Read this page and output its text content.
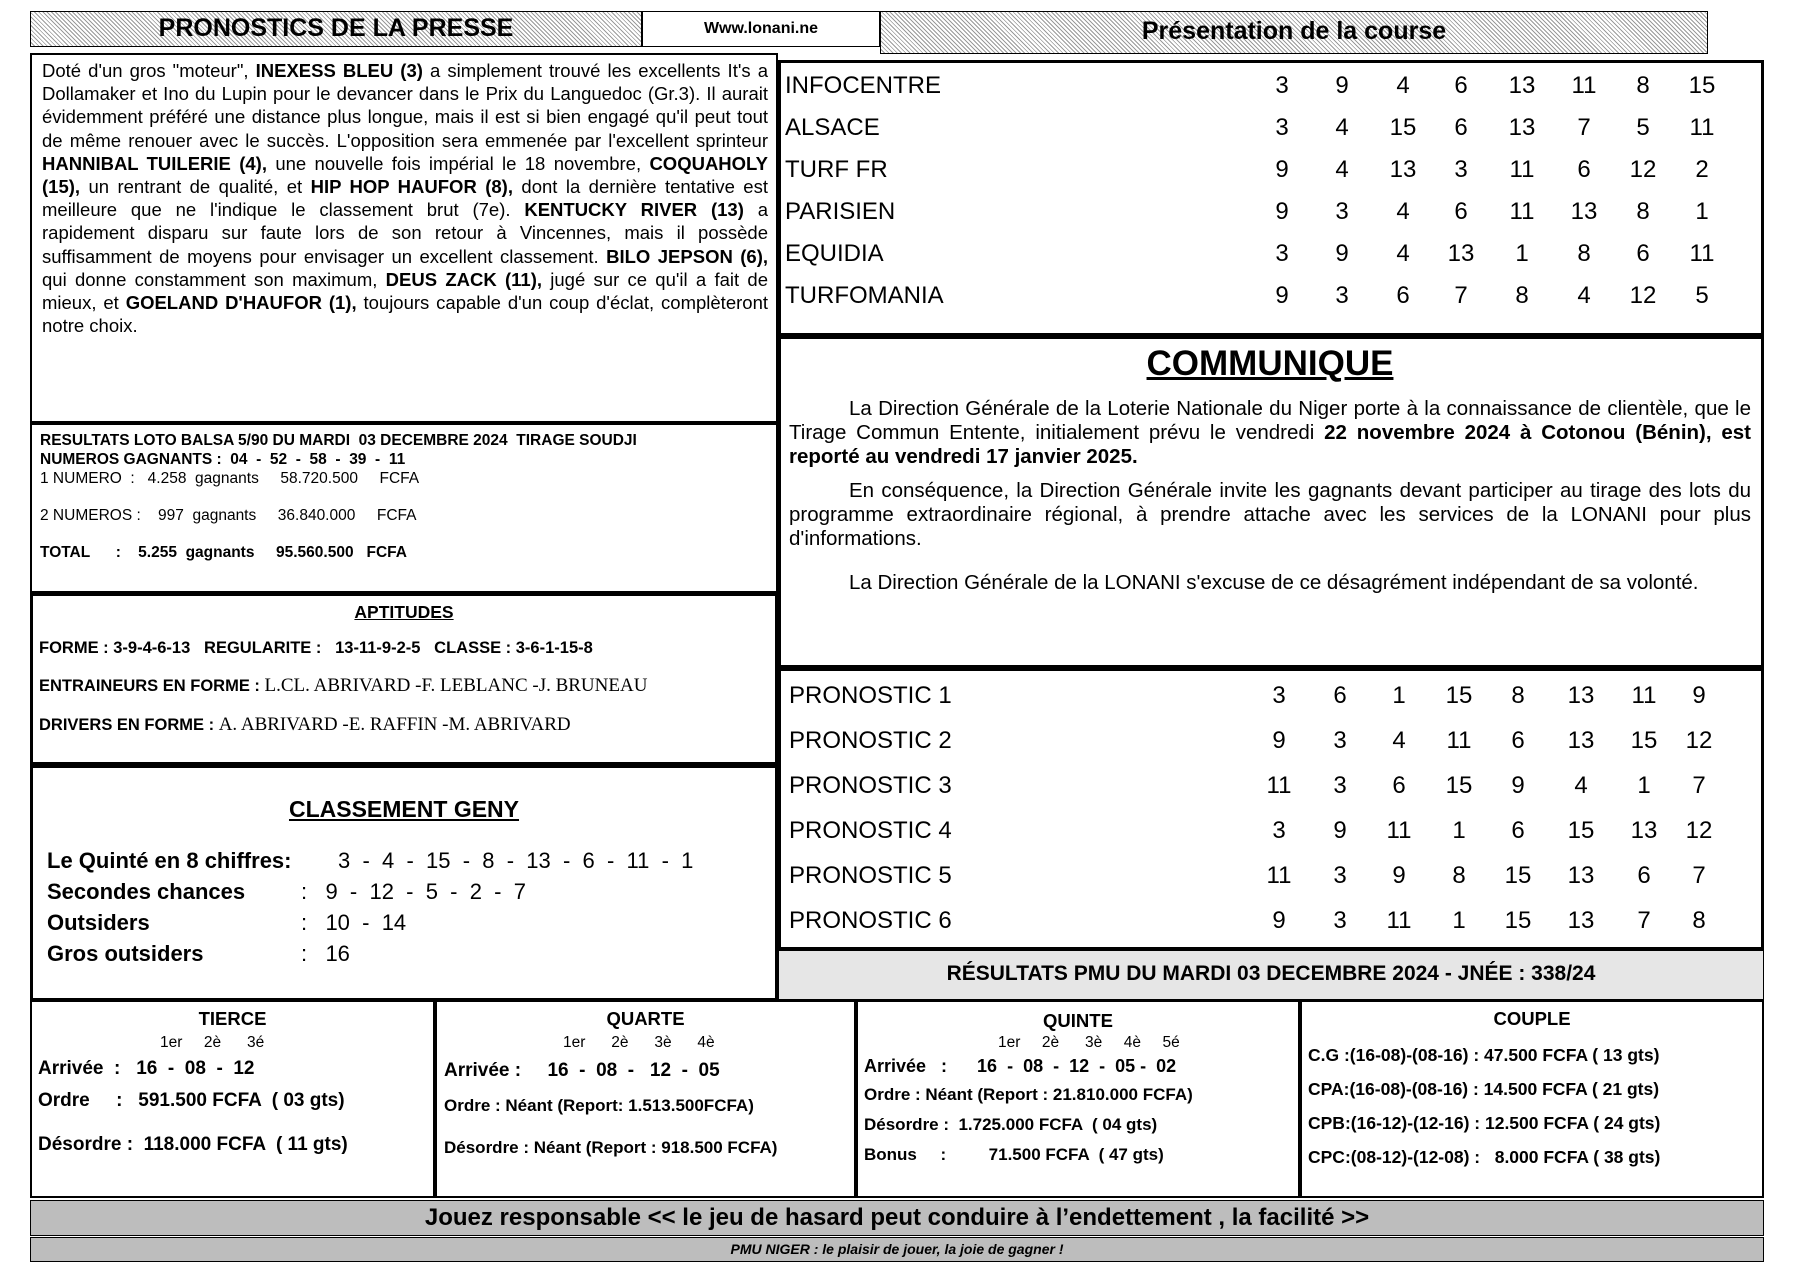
PRONOSTICS DE LA PRESSE	Www.lonani.ne	Présentation de la course
Doté d'un gros "moteur", INEXESS BLEU (3) a simplement trouvé les excellents It's a Dollamaker et Ino du Lupin pour le devancer dans le Prix du Languedoc (Gr.3). Il aurait évidemment préféré une distance plus longue, mais il est si bien engagé qu'il peut tout de même renouer avec le succès. L'opposition sera emmenée par l'excellent sprinteur HANNIBAL TUILERIE (4), une nouvelle fois impérial le 18 novembre, COQUAHOLY (15), un rentrant de qualité, et HIP HOP HAUFOR (8), dont la dernière tentative est meilleure que ne l'indique le classement brut (7e). KENTUCKY RIVER (13) a rapidement disparu sur faute lors de son retour à Vincennes, mais il possède suffisamment de moyens pour envisager un excellent classement. BILO JEPSON (6), qui donne constamment son maximum, DEUS ZACK (11), jugé sur ce qu'il a fait de mieux, et GOELAND D'HAUFOR (1), toujours capable d'un coup d'éclat, complèteront notre choix.
INFOCENTRE	3	9	4	6	13	11	8	15
ALSACE	3	4	15	6	13	7	5	11
TURF FR	9	4	13	3	11	6	12	2
PARISIEN	9	3	4	6	11	13	8	1
EQUIDIA	3	9	4	13	1	8	6	11
TURFOMANIA	9	3	6	7	8	4	12	5
RESULTATS LOTO BALSA 5/90 DU MARDI  03 DECEMBRE 2024  TIRAGE SOUDJI
NUMEROS GAGNANTS :  04  -  52  -  58  -  39  -  11
1 NUMERO  :   4.258  gagnants     58.720.500     FCFA
2 NUMEROS :    997  gagnants     36.840.000     FCFA
TOTAL      :    5.255  gagnants     95.560.500   FCFA
APTITUDES
FORME : 3-9-4-6-13   REGULARITE :   13-11-9-2-5   CLASSE : 3-6-1-15-8
ENTRAINEURS EN FORME : L.CL. ABRIVARD -F. LEBLANC -J. BRUNEAU
DRIVERS EN FORME : A. ABRIVARD -E. RAFFIN -M. ABRIVARD
CLASSEMENT GENY
Le Quinté en 8 chiffres: 3  -  4  -  15  -  8  -  13  -  6  -  11  -  1
Secondes chances	:   9  -  12  -  5  -  2  -  7
Outsiders	:   10  -  14
Gros outsiders	:   16
COMMUNIQUE

La Direction Générale de la Loterie Nationale du Niger porte à la connaissance de clientèle, que le Tirage Commun Entente, initialement prévu le vendredi 22 novembre 2024 à Cotonou (Bénin), est reporté au vendredi 17 janvier 2025.

En conséquence, la Direction Générale invite les gagnants devant participer au tirage des lots du programme extraordinaire régional, à prendre attache avec les services de la LONANI pour plus d'informations.

La Direction Générale de la LONANI s'excuse de ce désagrément indépendant de sa volonté.

PRONOSTIC 1	3	6	1	15	8	13	11	9
PRONOSTIC 2	9	3	4	11	6	13	15	12
PRONOSTIC 3	11	3	6	15	9	4	1	7
PRONOSTIC 4	3	9	11	1	6	15	13	12
PRONOSTIC 5	11	3	9	8	15	13	6	7
PRONOSTIC 6	9	3	11	1	15	13	7	8
RÉSULTATS PMU DU MARDI 03 DECEMBRE 2024 - JNÉE : 338/24
TIERCE
1er     2è      3é
Arrivée  :   16  -  08  -  12
Ordre     :   591.500 FCFA  ( 03 gts)
Désordre :  118.000 FCFA  ( 11 gts)
QUARTE
1er      2è      3è      4è
Arrivée :     16  -  08  -   12  -  05
Ordre : Néant (Report: 1.513.500FCFA)
Désordre : Néant (Report : 918.500 FCFA)
QUINTE
1er     2è      3è     4è     5é
Arrivée   :      16  -  08  -  12  -  05 -  02
Ordre : Néant (Report : 21.810.000 FCFA)
Désordre :  1.725.000 FCFA  ( 04 gts)
Bonus     :         71.500 FCFA  ( 47 gts)
COUPLE
C.G :(16-08)-(08-16) : 47.500 FCFA ( 13 gts)
CPA:(16-08)-(08-16) : 14.500 FCFA ( 21 gts)
CPB:(16-12)-(12-16) : 12.500 FCFA ( 24 gts)
CPC:(08-12)-(12-08) :   8.000 FCFA ( 38 gts)
Jouez responsable << le jeu de hasard peut conduire à l’endettement , la facilité >>
PMU NIGER : le plaisir de jouer, la joie de gagner !
